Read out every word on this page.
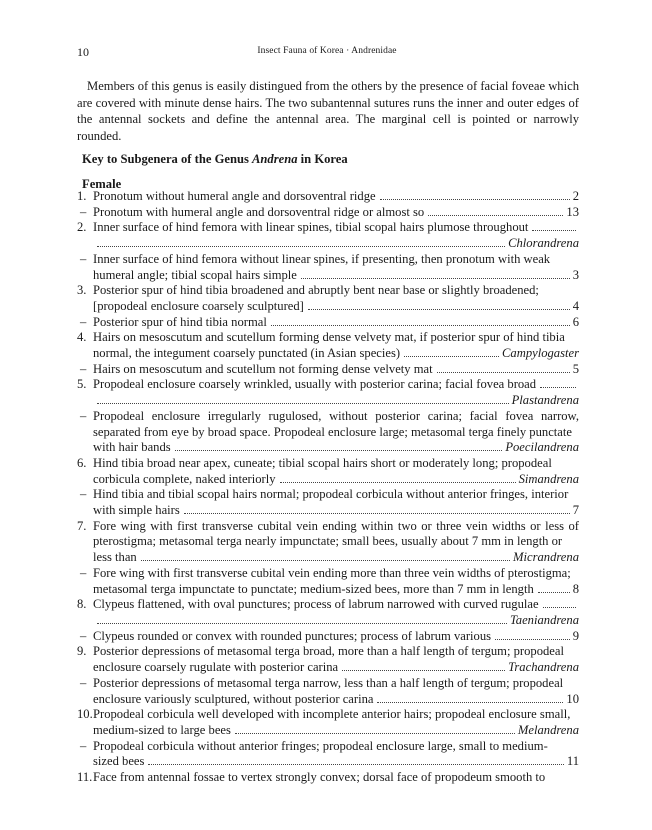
10	Insect Fauna of Korea · Andrenidae

Members of this genus is easily distingued from the others by the presence of facial foveae which are covered with minute dense hairs. The two subantennal sutures runs the inner and outer edges of the antennal sockets and define the antennal area. The marginal cell is pointed or narrowly rounded.

Key to Subgenera of the Genus Andrena in Korea
Female
1. Pronotum without humeral angle and dorsoventral ridge	2
– Pronotum with humeral angle and dorsoventral ridge or almost so	13
2. Inner surface of hind femora with linear spines, tibial scopal hairs plumose throughout
Chlorandrena
– Inner surface of hind femora without linear spines, if presenting, then pronotum with weak
humeral angle; tibial scopal hairs simple	3
3. Posterior spur of hind tibia broadened and abruptly bent near base or slightly broadened;
[propodeal enclosure coarsely sculptured]	4
– Posterior spur of hind tibia normal	6
4. Hairs on mesoscutum and scutellum forming dense velvety mat, if posterior spur of hind tibia
normal, the integument coarsely punctated (in Asian species)	Campylogaster
– Hairs on mesoscutum and scutellum not forming dense velvety mat	5
5. Propodeal enclosure coarsely wrinkled, usually with posterior carina; facial fovea broad
Plastandrena
– Propodeal enclosure irregularly rugulosed, without posterior carina; facial fovea narrow, separated from eye by broad space. Propodeal enclosure large; metasomal terga finely punctate
with hair bands	Poecilandrena
6. Hind tibia broad near apex, cuneate; tibial scopal hairs short or moderately long; propodeal
corbicula complete, naked interiorly	Simandrena
– Hind tibia and tibial scopal hairs normal; propodeal corbicula without anterior fringes, interior
with simple hairs	7
7. Fore wing with first transverse cubital vein ending within two or three vein widths or less of pterostigma; metasomal terga nearly impunctate; small bees, usually about 7 mm in length or
less than	Micrandrena
– Fore wing with first transverse cubital vein ending more than three vein widths of pterostigma;
metasomal terga impunctate to punctate; medium-sized bees, more than 7 mm in length	8
8. Clypeus flattened, with oval punctures; process of labrum narrowed with curved rugulae
Taeniandrena
– Clypeus rounded or convex with rounded punctures; process of labrum various	9
9. Posterior depressions of metasomal terga broad, more than a half length of tergum; propodeal
enclosure coarsely rugulate with posterior carina	Trachandrena
– Posterior depressions of metasomal terga narrow, less than a half length of tergum; propodeal
enclosure variously sculptured, without posterior carina	10
10. Propodeal corbicula well developed with incomplete anterior hairs; propodeal enclosure small,
medium-sized to large bees	Melandrena
– Propodeal corbicula without anterior fringes; propodeal enclosure large, small to medium-
sized bees	11
11. Face from antennal fossae to vertex strongly convex; dorsal face of propodeum smooth to
